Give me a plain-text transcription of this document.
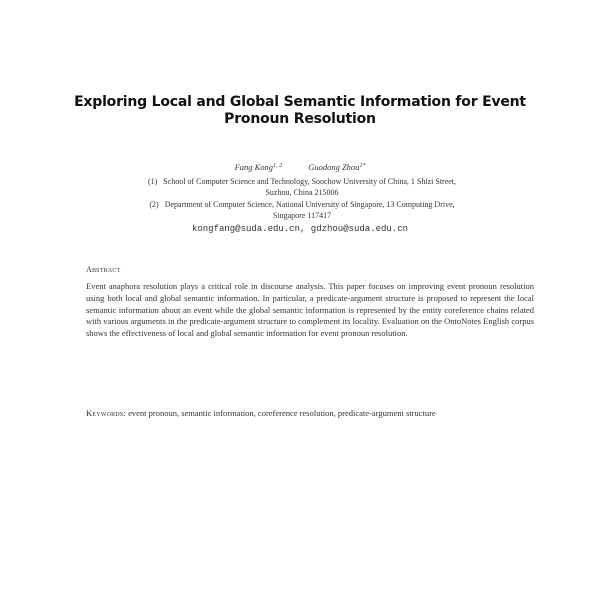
Exploring Local and Global Semantic Information for Event
Pronoun Resolution
Fang Kong$^{1, 2}$	Guodong Zhou$^{1*}$
(1) School of Computer Science and Technology, Soochow University of China, 1 Shizi Street,
Suzhou, China 215006
(2) Department of Computer Science, National University of Singapore, 13 Computing Drive,
Singapore 117417
kongfang@suda.edu.cn, gdzhou@suda.edu.cn
Abstract
Event anaphora resolution plays a critical role in discourse analysis. This paper focuses on improving event pronoun resolution using both local and global semantic information. In particular, a predicate-argument structure is proposed to represent the local semantic information about an event while the global semantic information is represented by the entity coreference chains related with various arguments in the predicate-argument structure to complement its locality. Evaluation on the OntoNotes English corpus shows the effectiveness of local and global semantic information for event pronoun resolution.
Keywords: event pronoun, semantic information, coreference resolution, predicate-argument structure
